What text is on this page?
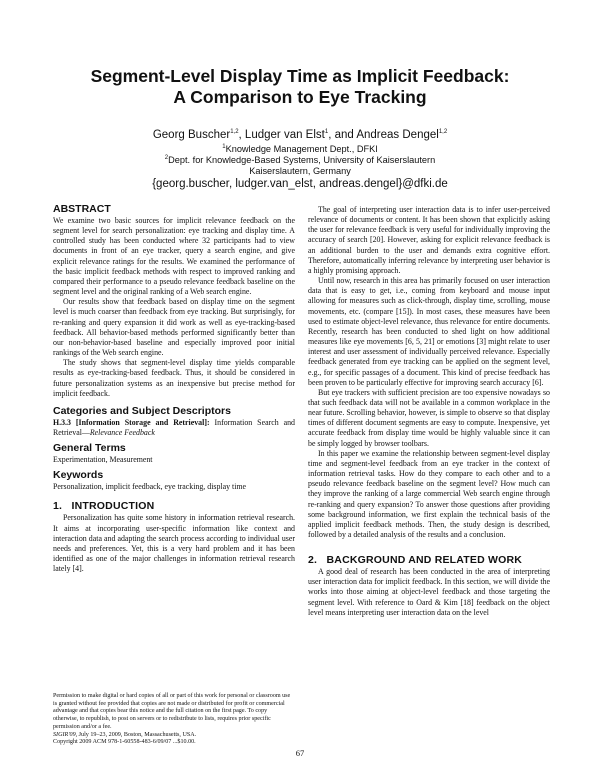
Segment-Level Display Time as Implicit Feedback:
A Comparison to Eye Tracking
Georg Buscher$^{1,2}$, Ludger van Elst$^1$, and Andreas Dengel$^{1,2}$
$^1$Knowledge Management Dept., DFKI
$^2$Dept. for Knowledge-Based Systems, University of Kaiserslautern
Kaiserslautern, Germany
{georg.buscher, ludger.van_elst, andreas.dengel}@dfki.de
ABSTRACT

We examine two basic sources for implicit relevance feedback on the segment level for search personalization: eye tracking and display time. A controlled study has been conducted where 32 participants had to view documents in front of an eye tracker, query a search engine, and give explicit relevance ratings for the results. We examined the performance of the basic implicit feedback methods with respect to improved ranking and compared their performance to a pseudo relevance feedback baseline on the segment level and the original ranking of a Web search engine.

Our results show that feedback based on display time on the segment level is much coarser than feedback from eye tracking. But surprisingly, for re-ranking and query expansion it did work as well as eye-tracking-based feedback. All behavior-based methods performed significantly better than our non-behavior-based baseline and especially improved poor initial rankings of the Web search engine.

The study shows that segment-level display time yields comparable results as eye-tracking-based feedback. Thus, it should be considered in future personalization systems as an inexpensive but precise method for implicit feedback.

Categories and Subject Descriptors

H.3.3 [Information Storage and Retrieval]: Information Search and Retrieval—Relevance Feedback

General Terms

Experimentation, Measurement

Keywords

Personalization, implicit feedback, eye tracking, display time

1.   INTRODUCTION

Personalization has quite some history in information retrieval research. It aims at incorporating user-specific information like context and interaction data and adapting the search process according to individual user needs and preferences. Yet, this is a very hard problem and it has been identified as one of the major challenges in information retrieval research lately [4].

Permission to make digital or hard copies of all or part of this work for personal or classroom use is granted without fee provided that copies are not made or distributed for profit or commercial advantage and that copies bear this notice and the full citation on the first page. To copy otherwise, to republish, to post on servers or to redistribute to lists, requires prior specific permission and/or a fee.

SIGIR'09, July 19–23, 2009, Boston, Massachusetts, USA.

Copyright 2009 ACM 978-1-60558-483-6/09/07 ...$10.00.

The goal of interpreting user interaction data is to infer user-perceived relevance of documents or content. It has been shown that explicitly asking the user for relevance feedback is very useful for individually improving the accuracy of search [20]. However, asking for explicit relevance feedback is an additional burden to the user and demands extra cognitive effort. Therefore, automatically inferring relevance by interpreting user behavior is a highly promising approach.

Until now, research in this area has primarily focused on user interaction data that is easy to get, i.e., coming from keyboard and mouse input allowing for measures such as click-through, display time, scrolling, mouse movements, etc. (compare [15]). In most cases, these measures have been used to estimate object-level relevance, thus relevance for entire documents. Recently, research has been conducted to shed light on how additional measures like eye movements [6, 5, 21] or emotions [3] might relate to user interest and user assessment of individually perceived relevance. Especially feedback generated from eye tracking can be applied on the segment level, e.g., for specific passages of a document. This kind of precise feedback has been proven to be particularly effective for improving search accuracy [6].

But eye trackers with sufficient precision are too expensive nowadays so that such feedback data will not be available in a common workplace in the near future. Scrolling behavior, however, is simple to observe so that display times of different document segments are easy to compute. Inexpensive, yet accurate feedback from display time would be highly valuable since it can be simply logged by browser toolbars.

In this paper we examine the relationship between segment-level display time and segment-level feedback from an eye tracker in the context of information retrieval tasks. How do they compare to each other and to a pseudo relevance feedback baseline on the segment level? How much can they improve the ranking of a large commercial Web search engine through re-ranking and query expansion? To answer those questions after providing some background information, we first explain the technical basis of the applied implicit feedback methods. Then, the study design is described, followed by a detailed analysis of the results and a conclusion.

2.   BACKGROUND AND RELATED WORK

A good deal of research has been conducted in the area of interpreting user interaction data for implicit feedback. In this section, we will divide the works into those aiming at object-level feedback and those targeting the segment level. With reference to Oard & Kim [18] feedback on the object level means interpreting user interaction data on the level

67
